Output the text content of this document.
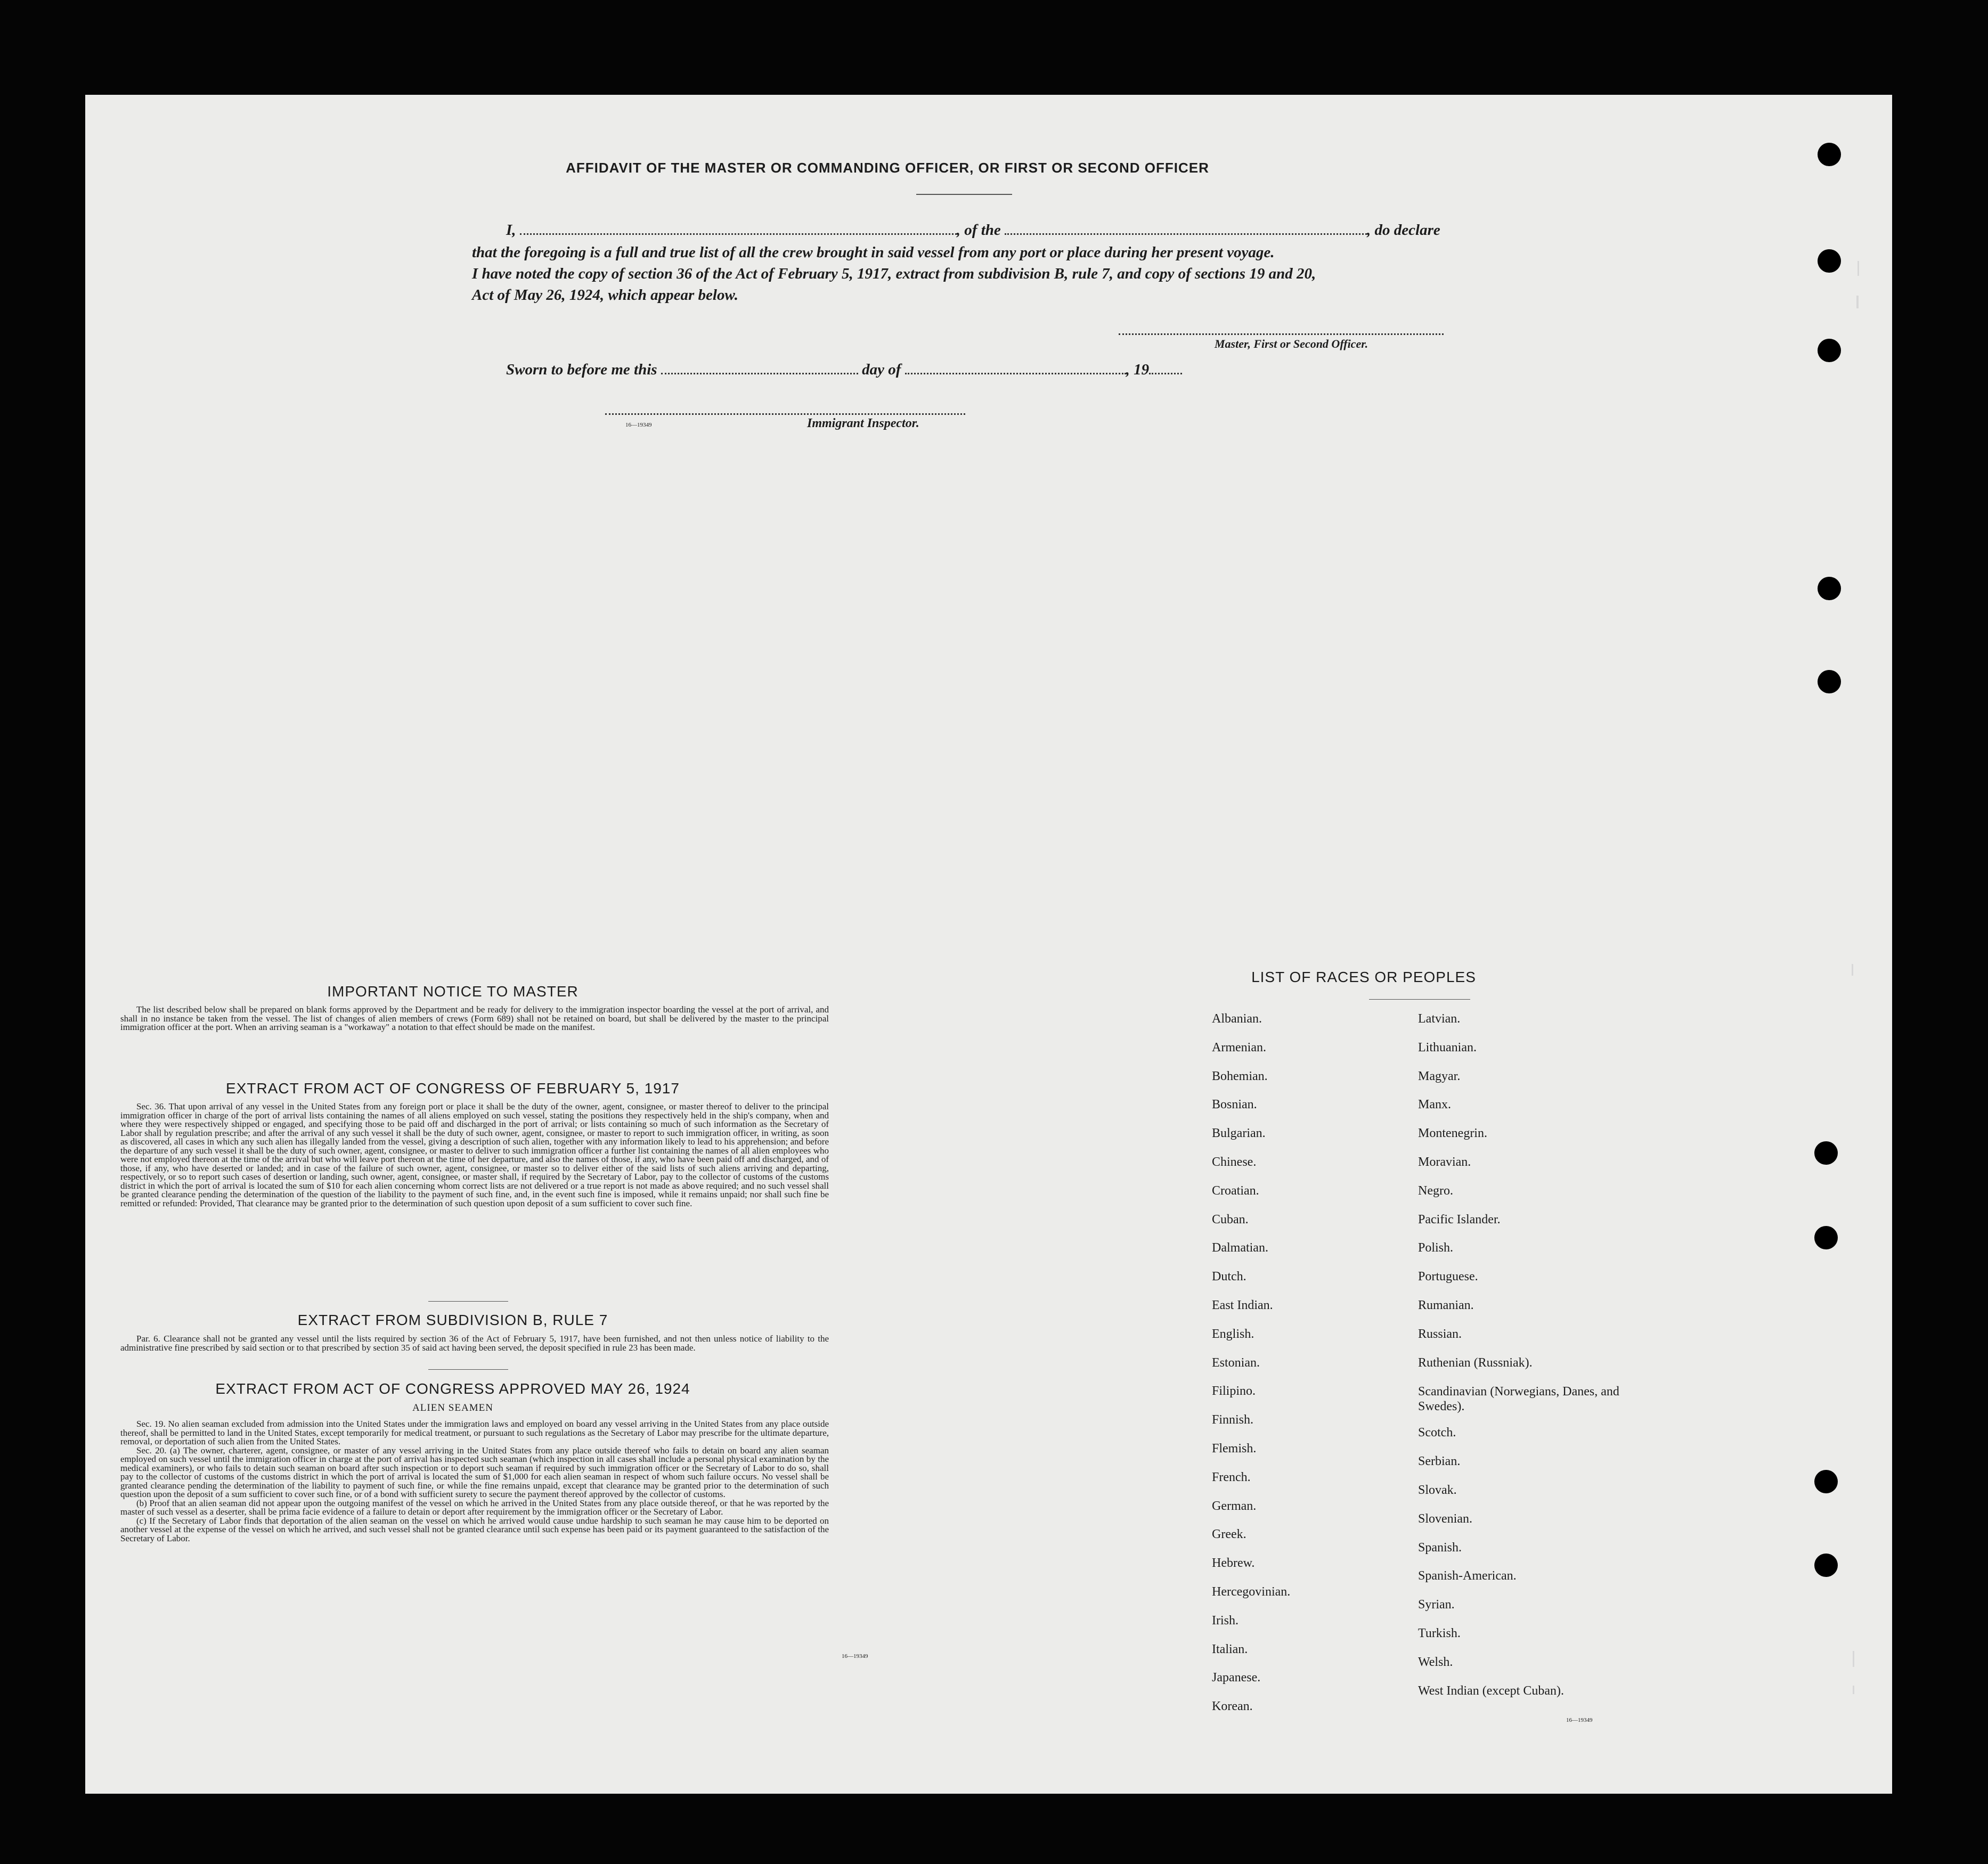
AFFIDAVIT OF THE MASTER OR COMMANDING OFFICER, OR FIRST OR SECOND OFFICER
I,	, of the	, do declare
that the foregoing is a full and true list of all the crew brought in said vessel from any port or place during her present voyage.
I have noted the copy of section 36 of the Act of February 5, 1917, extract from subdivision B, rule 7, and copy of sections 19 and 20,
Act of May 26, 1924, which appear below.
Master, First or Second Officer.
Sworn to before me this	day of	, 19
16—19349	Immigrant Inspector.
IMPORTANT NOTICE TO MASTER

The list described below shall be prepared on blank forms approved by the Department and be ready for delivery to the immigration inspector boarding the vessel at the port of arrival, and shall in no instance be taken from the vessel. The list of changes of alien members of crews (Form 689) shall not be retained on board, but shall be delivered by the master to the principal immigration officer at the port. When an arriving seaman is a "workaway" a notation to that effect should be made on the manifest.

EXTRACT FROM ACT OF CONGRESS OF FEBRUARY 5, 1917

Sec. 36. That upon arrival of any vessel in the United States from any foreign port or place it shall be the duty of the owner, agent, consignee, or master thereof to deliver to the principal immigration officer in charge of the port of arrival lists containing the names of all aliens employed on such vessel, stating the positions they respectively held in the ship's company, when and where they were respectively shipped or engaged, and specifying those to be paid off and discharged in the port of arrival; or lists containing so much of such information as the Secretary of Labor shall by regulation prescribe; and after the arrival of any such vessel it shall be the duty of such owner, agent, consignee, or master to report to such immigration officer, in writing, as soon as discovered, all cases in which any such alien has illegally landed from the vessel, giving a description of such alien, together with any information likely to lead to his apprehension; and before the departure of any such vessel it shall be the duty of such owner, agent, consignee, or master to deliver to such immigration officer a further list containing the names of all alien employees who were not employed thereon at the time of the arrival but who will leave port thereon at the time of her departure, and also the names of those, if any, who have been paid off and discharged, and of those, if any, who have deserted or landed; and in case of the failure of such owner, agent, consignee, or master so to deliver either of the said lists of such aliens arriving and departing, respectively, or so to report such cases of desertion or landing, such owner, agent, consignee, or master shall, if required by the Secretary of Labor, pay to the collector of customs of the customs district in which the port of arrival is located the sum of $10 for each alien concerning whom correct lists are not delivered or a true report is not made as above required; and no such vessel shall be granted clearance pending the determination of the question of the liability to the payment of such fine, and, in the event such fine is imposed, while it remains unpaid; nor shall such fine be remitted or refunded: Provided, That clearance may be granted prior to the determination of such question upon deposit of a sum sufficient to cover such fine.

EXTRACT FROM SUBDIVISION B, RULE 7

Par. 6. Clearance shall not be granted any vessel until the lists required by section 36 of the Act of February 5, 1917, have been furnished, and not then unless notice of liability to the administrative fine prescribed by said section or to that prescribed by section 35 of said act having been served, the deposit specified in rule 23 has been made.

EXTRACT FROM ACT OF CONGRESS APPROVED MAY 26, 1924
ALIEN SEAMEN

Sec. 19. No alien seaman excluded from admission into the United States under the immigration laws and employed on board any vessel arriving in the United States from any place outside thereof, shall be permitted to land in the United States, except temporarily for medical treatment, or pursuant to such regulations as the Secretary of Labor may prescribe for the ultimate departure, removal, or deportation of such alien from the United States.

Sec. 20. (a) The owner, charterer, agent, consignee, or master of any vessel arriving in the United States from any place outside thereof who fails to detain on board any alien seaman employed on such vessel until the immigration officer in charge at the port of arrival has inspected such seaman (which inspection in all cases shall include a personal physical examination by the medical examiners), or who fails to detain such seaman on board after such inspection or to deport such seaman if required by such immigration officer or the Secretary of Labor to do so, shall pay to the collector of customs of the customs district in which the port of arrival is located the sum of $1,000 for each alien seaman in respect of whom such failure occurs. No vessel shall be granted clearance pending the determination of the liability to payment of such fine, or while the fine remains unpaid, except that clearance may be granted prior to the determination of such question upon the deposit of a sum sufficient to cover such fine, or of a bond with sufficient surety to secure the payment thereof approved by the collector of customs.

(b) Proof that an alien seaman did not appear upon the outgoing manifest of the vessel on which he arrived in the United States from any place outside thereof, or that he was reported by the master of such vessel as a deserter, shall be prima facie evidence of a failure to detain or deport after requirement by the immigration officer or the Secretary of Labor.

(c) If the Secretary of Labor finds that deportation of the alien seaman on the vessel on which he arrived would cause undue hardship to such seaman he may cause him to be deported on another vessel at the expense of the vessel on which he arrived, and such vessel shall not be granted clearance until such expense has been paid or its payment guaranteed to the satisfaction of the Secretary of Labor.

16—19349
LIST OF RACES OR PEOPLES
16—19349
Albanian.
Armenian.
Bohemian.
Bosnian.
Bulgarian.
Chinese.
Croatian.
Cuban.
Dalmatian.
Dutch.
East Indian.
English.
Estonian.
Filipino.
Finnish.
Flemish.
French.
German.
Greek.
Hebrew.
Hercegovinian.
Irish.
Italian.
Japanese.
Korean.
Latvian.
Lithuanian.
Magyar.
Manx.
Montenegrin.
Moravian.
Negro.
Pacific Islander.
Polish.
Portuguese.
Rumanian.
Russian.
Ruthenian (Russniak).
Scandinavian (Norwegians, Danes, and Swedes).
Scotch.
Serbian.
Slovak.
Slovenian.
Spanish.
Spanish-American.
Syrian.
Turkish.
Welsh.
West Indian (except Cuban).
